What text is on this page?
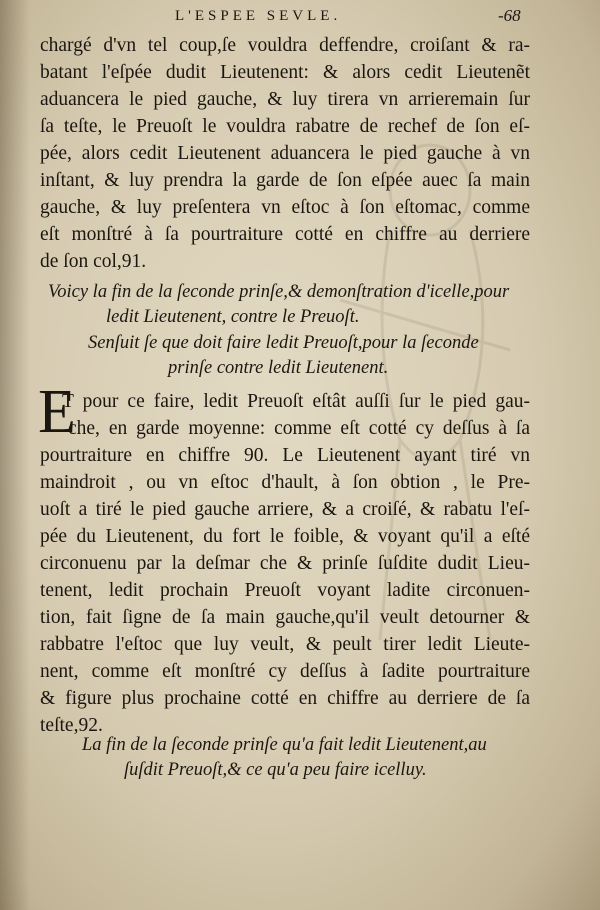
L'ESPEE SEVLE.	-68
chargé d'vn tel coup,ſe vouldra deffendre, croiſant & ra-
batant l'eſpée dudit Lieutenent: & alors cedit Lieutenẽt
aduancera le pied gauche, & luy tirera vn arrieremain ſur
ſa teſte, le Preuoſt le vouldra rabatre de rechef de ſon eſ-
pée, alors cedit Lieutenent aduancera le pied gauche à vn
inſtant, & luy prendra la garde de ſon eſpée auec ſa main
gauche, & luy preſentera vn eſtoc à ſon eſtomac, comme
eſt monſtré à ſa pourtraiture cotté en chiffre au derriere
de ſon col,91.
Voicy la fin de la ſeconde prinſe,& demonſtration d'icelle,pour
ledit Lieutenent, contre le Preuoſt.
Senſuit ſe que doit faire ledit Preuoſt,pour la ſeconde
prinſe contre ledit Lieutenent.
E
T pour ce faire, ledit Preuoſt eſtât auſſi ſur le pied gau-
che, en garde moyenne: comme eſt cotté cy deſſus à ſa
pourtraiture en chiffre 90. Le Lieutenent ayant tiré vn
maindroit , ou vn eſtoc d'hault, à ſon obtion , le Pre-
uoſt a tiré le pied gauche arriere, & a croiſé, & rabatu l'eſ-
pée du Lieutenent, du fort le foible, & voyant qu'il a eſté
circonuenu par la deſmar che & prinſe ſuſdite dudit Lieu-
tenent, ledit prochain Preuoſt voyant ladite circonuen-
tion, fait ſigne de ſa main gauche,qu'il veult detourner &
rabbatre l'eſtoc que luy veult, & peult tirer ledit Lieute-
nent, comme eſt monſtré cy deſſus à ſadite pourtraiture
& figure plus prochaine cotté en chiffre au derriere de ſa
teſte,92.
La fin de la ſeconde prinſe qu'a fait ledit Lieutenent,au
ſuſdit Preuoſt,& ce qu'a peu faire icelluy.
